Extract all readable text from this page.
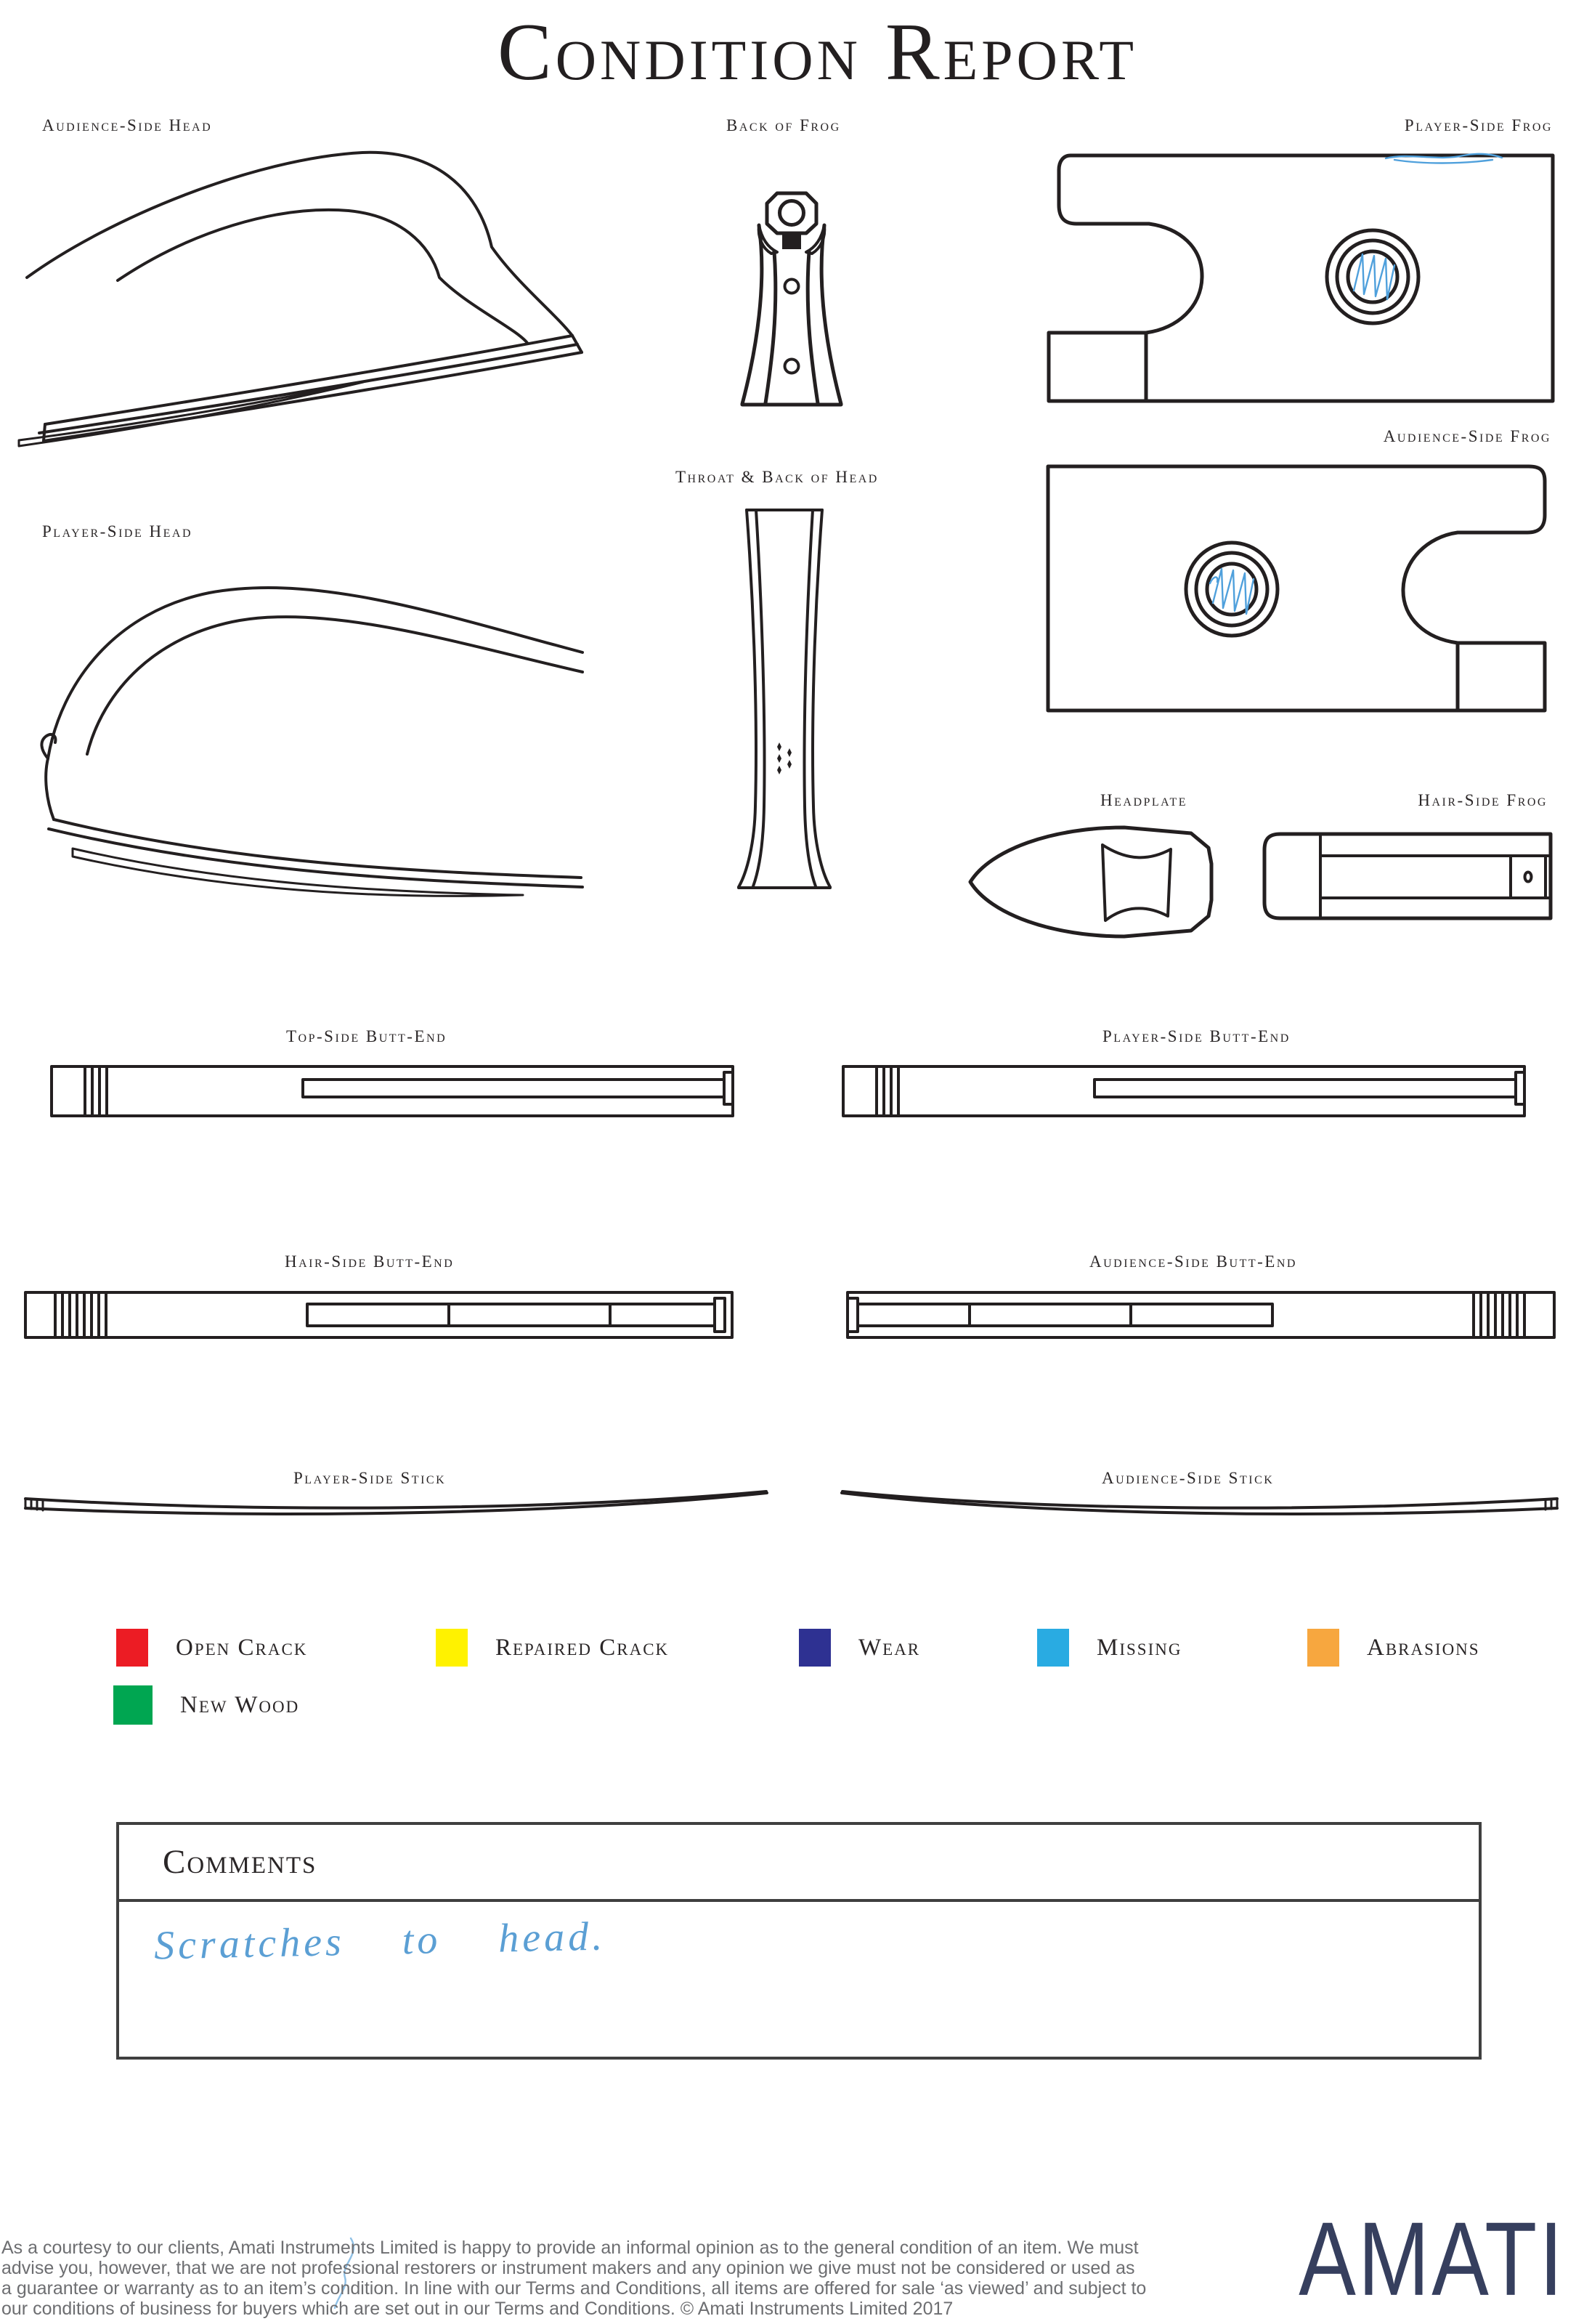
Condition Report
Audience-Side Head	Back of Frog	Player-Side Frog
Audience-Side Frog
Throat & Back of Head
Player-Side Head
Headplate	Hair-Side Frog
Top-Side Butt-End	Player-Side Butt-End
Hair-Side Butt-End	Audience-Side Butt-End
Player-Side Stick	Audience-Side Stick
Open Crack	Repaired Crack	Wear	Missing	Abrasions
New Wood
Comments
Scratches to head.
As a courtesy to our clients, Amati Instruments Limited is happy to provide an informal opinion as to the general condition of an item. We must
advise you, however, that we are not professional restorers or instrument makers and any opinion we give must not be considered or used as
a guarantee or warranty as to an item’s condition. In line with our Terms and Conditions, all items are offered for sale ‘as viewed’ and subject to
our conditions of business for buyers which are set out in our Terms and Conditions. © Amati Instruments Limited 2017	AMATI
